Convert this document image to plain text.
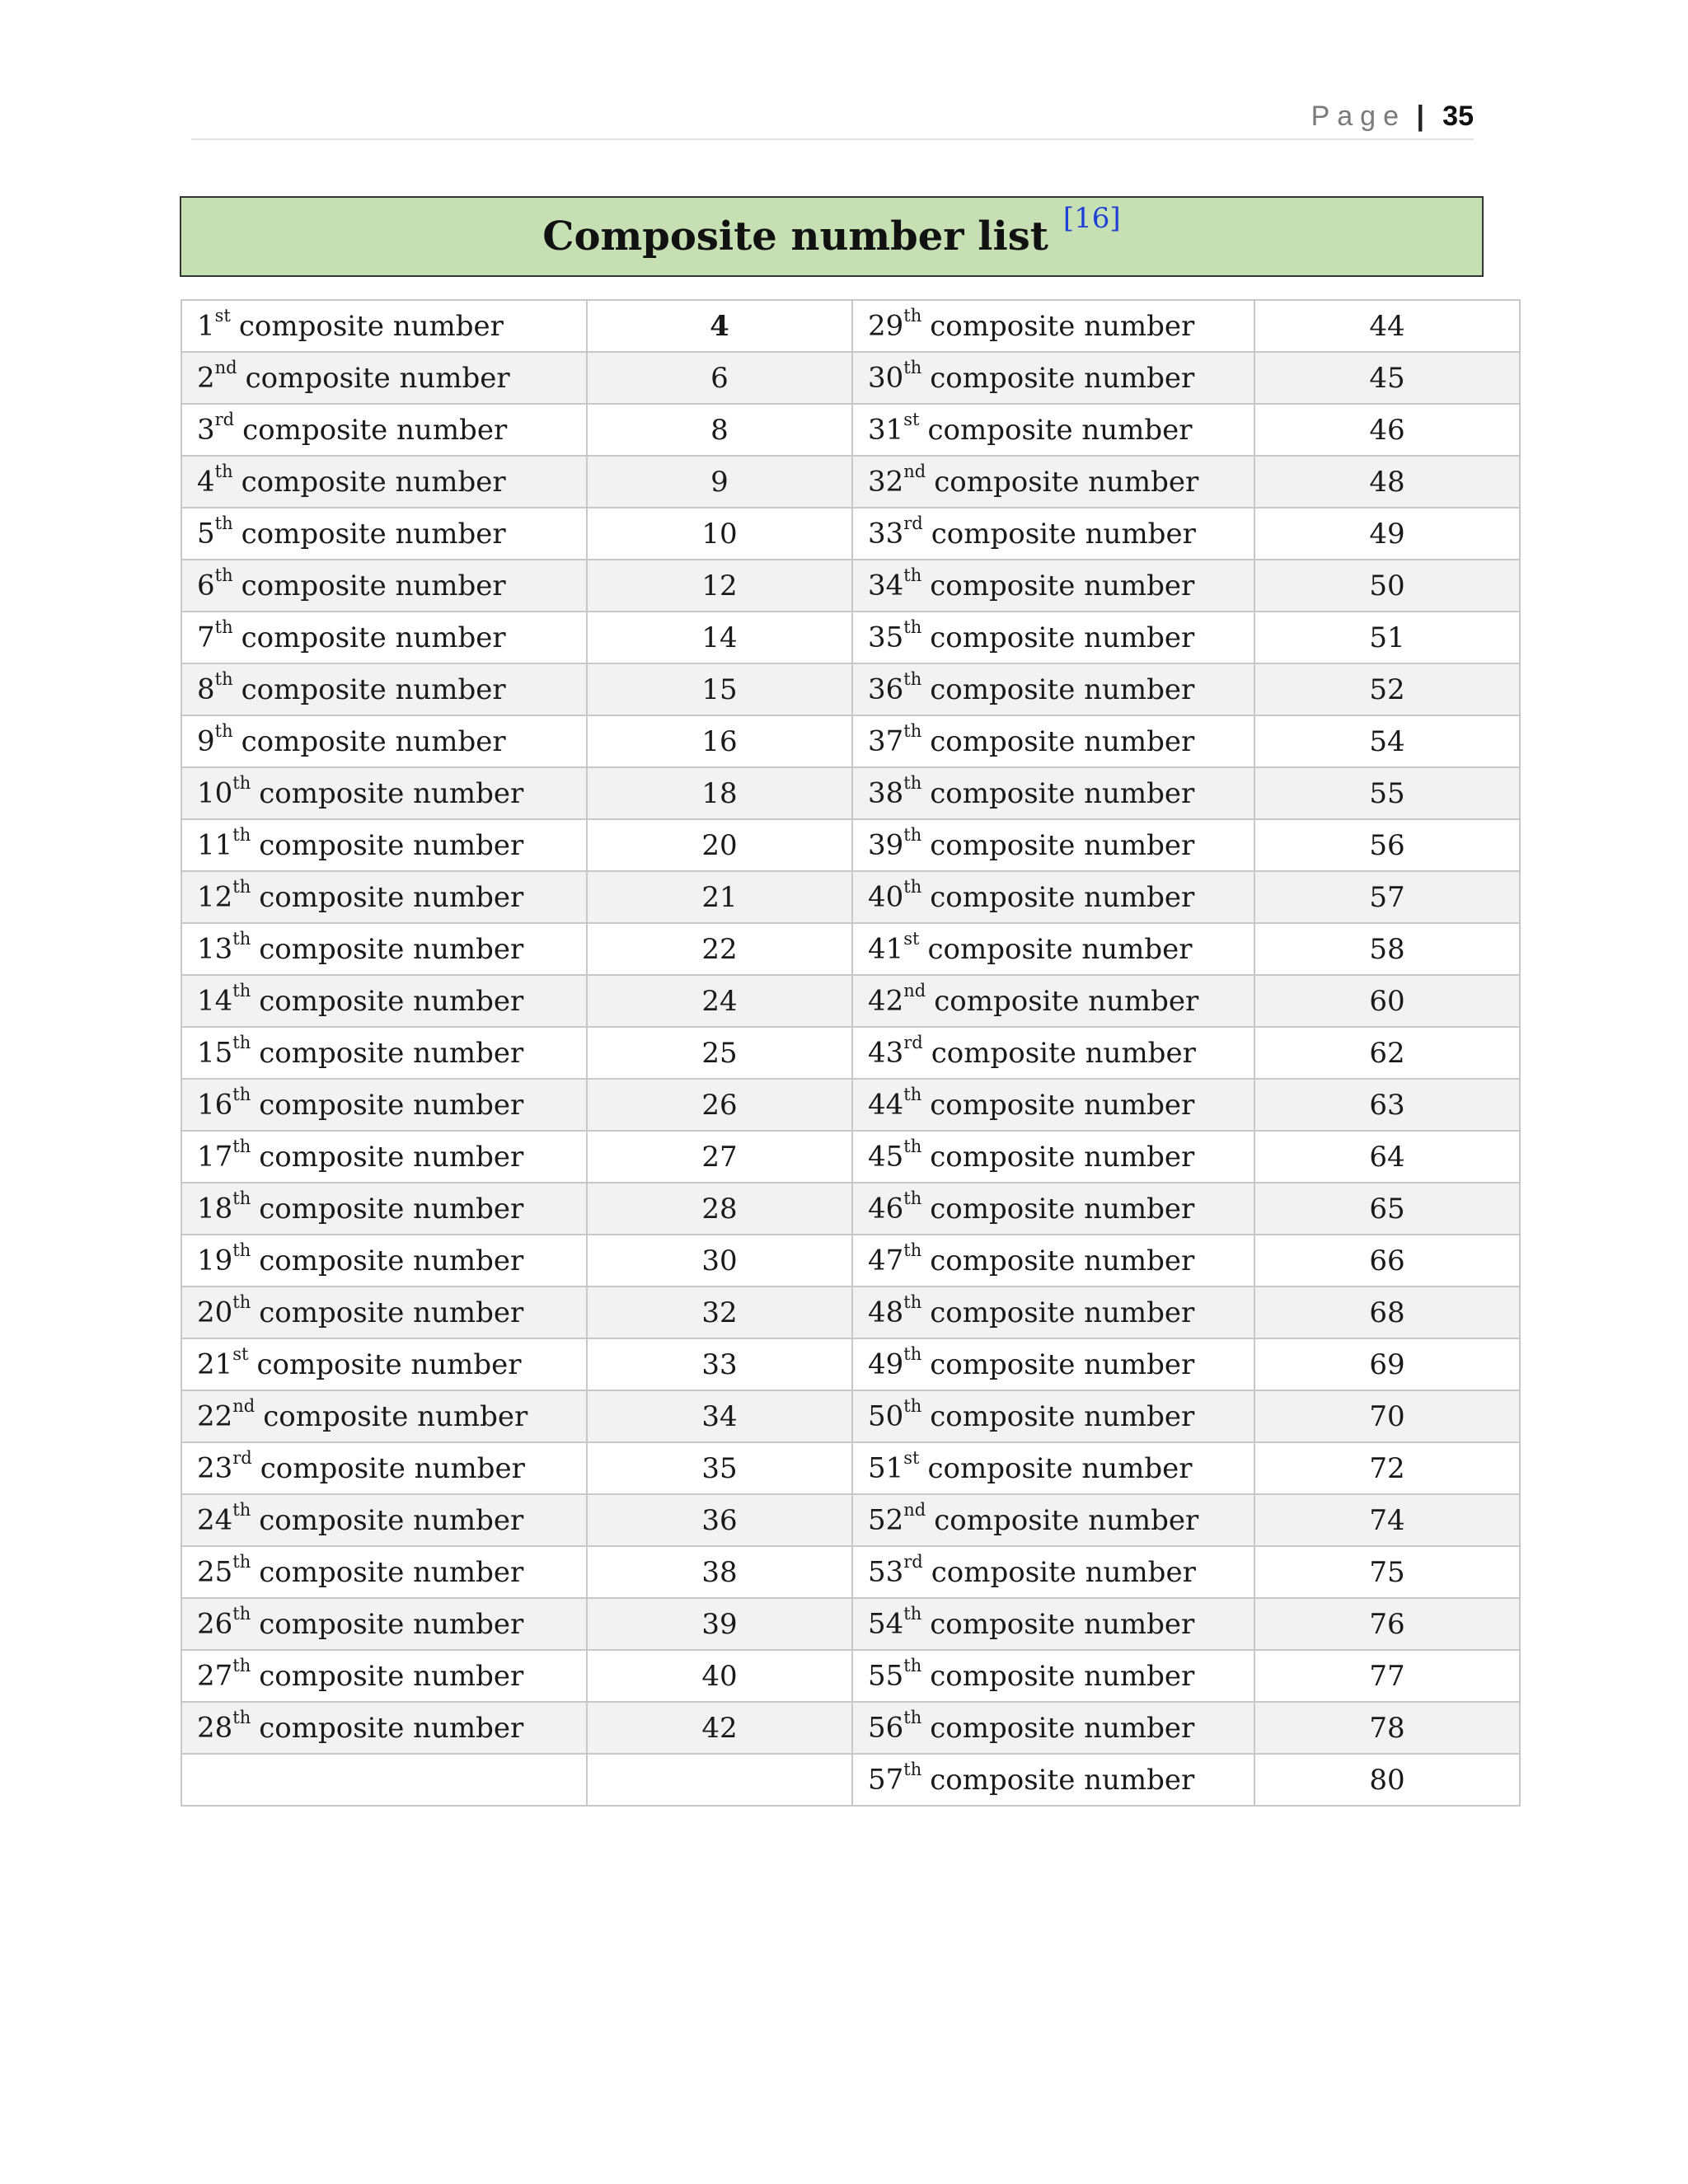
Page | 35
Composite number list [16]
1st composite number	4	29th composite number	44
2nd composite number	6	30th composite number	45
3rd composite number	8	31st composite number	46
4th composite number	9	32nd composite number	48
5th composite number	10	33rd composite number	49
6th composite number	12	34th composite number	50
7th composite number	14	35th composite number	51
8th composite number	15	36th composite number	52
9th composite number	16	37th composite number	54
10th composite number	18	38th composite number	55
11th composite number	20	39th composite number	56
12th composite number	21	40th composite number	57
13th composite number	22	41st composite number	58
14th composite number	24	42nd composite number	60
15th composite number	25	43rd composite number	62
16th composite number	26	44th composite number	63
17th composite number	27	45th composite number	64
18th composite number	28	46th composite number	65
19th composite number	30	47th composite number	66
20th composite number	32	48th composite number	68
21st composite number	33	49th composite number	69
22nd composite number	34	50th composite number	70
23rd composite number	35	51st composite number	72
24th composite number	36	52nd composite number	74
25th composite number	38	53rd composite number	75
26th composite number	39	54th composite number	76
27th composite number	40	55th composite number	77
28th composite number	42	56th composite number	78
		57th composite number	80
